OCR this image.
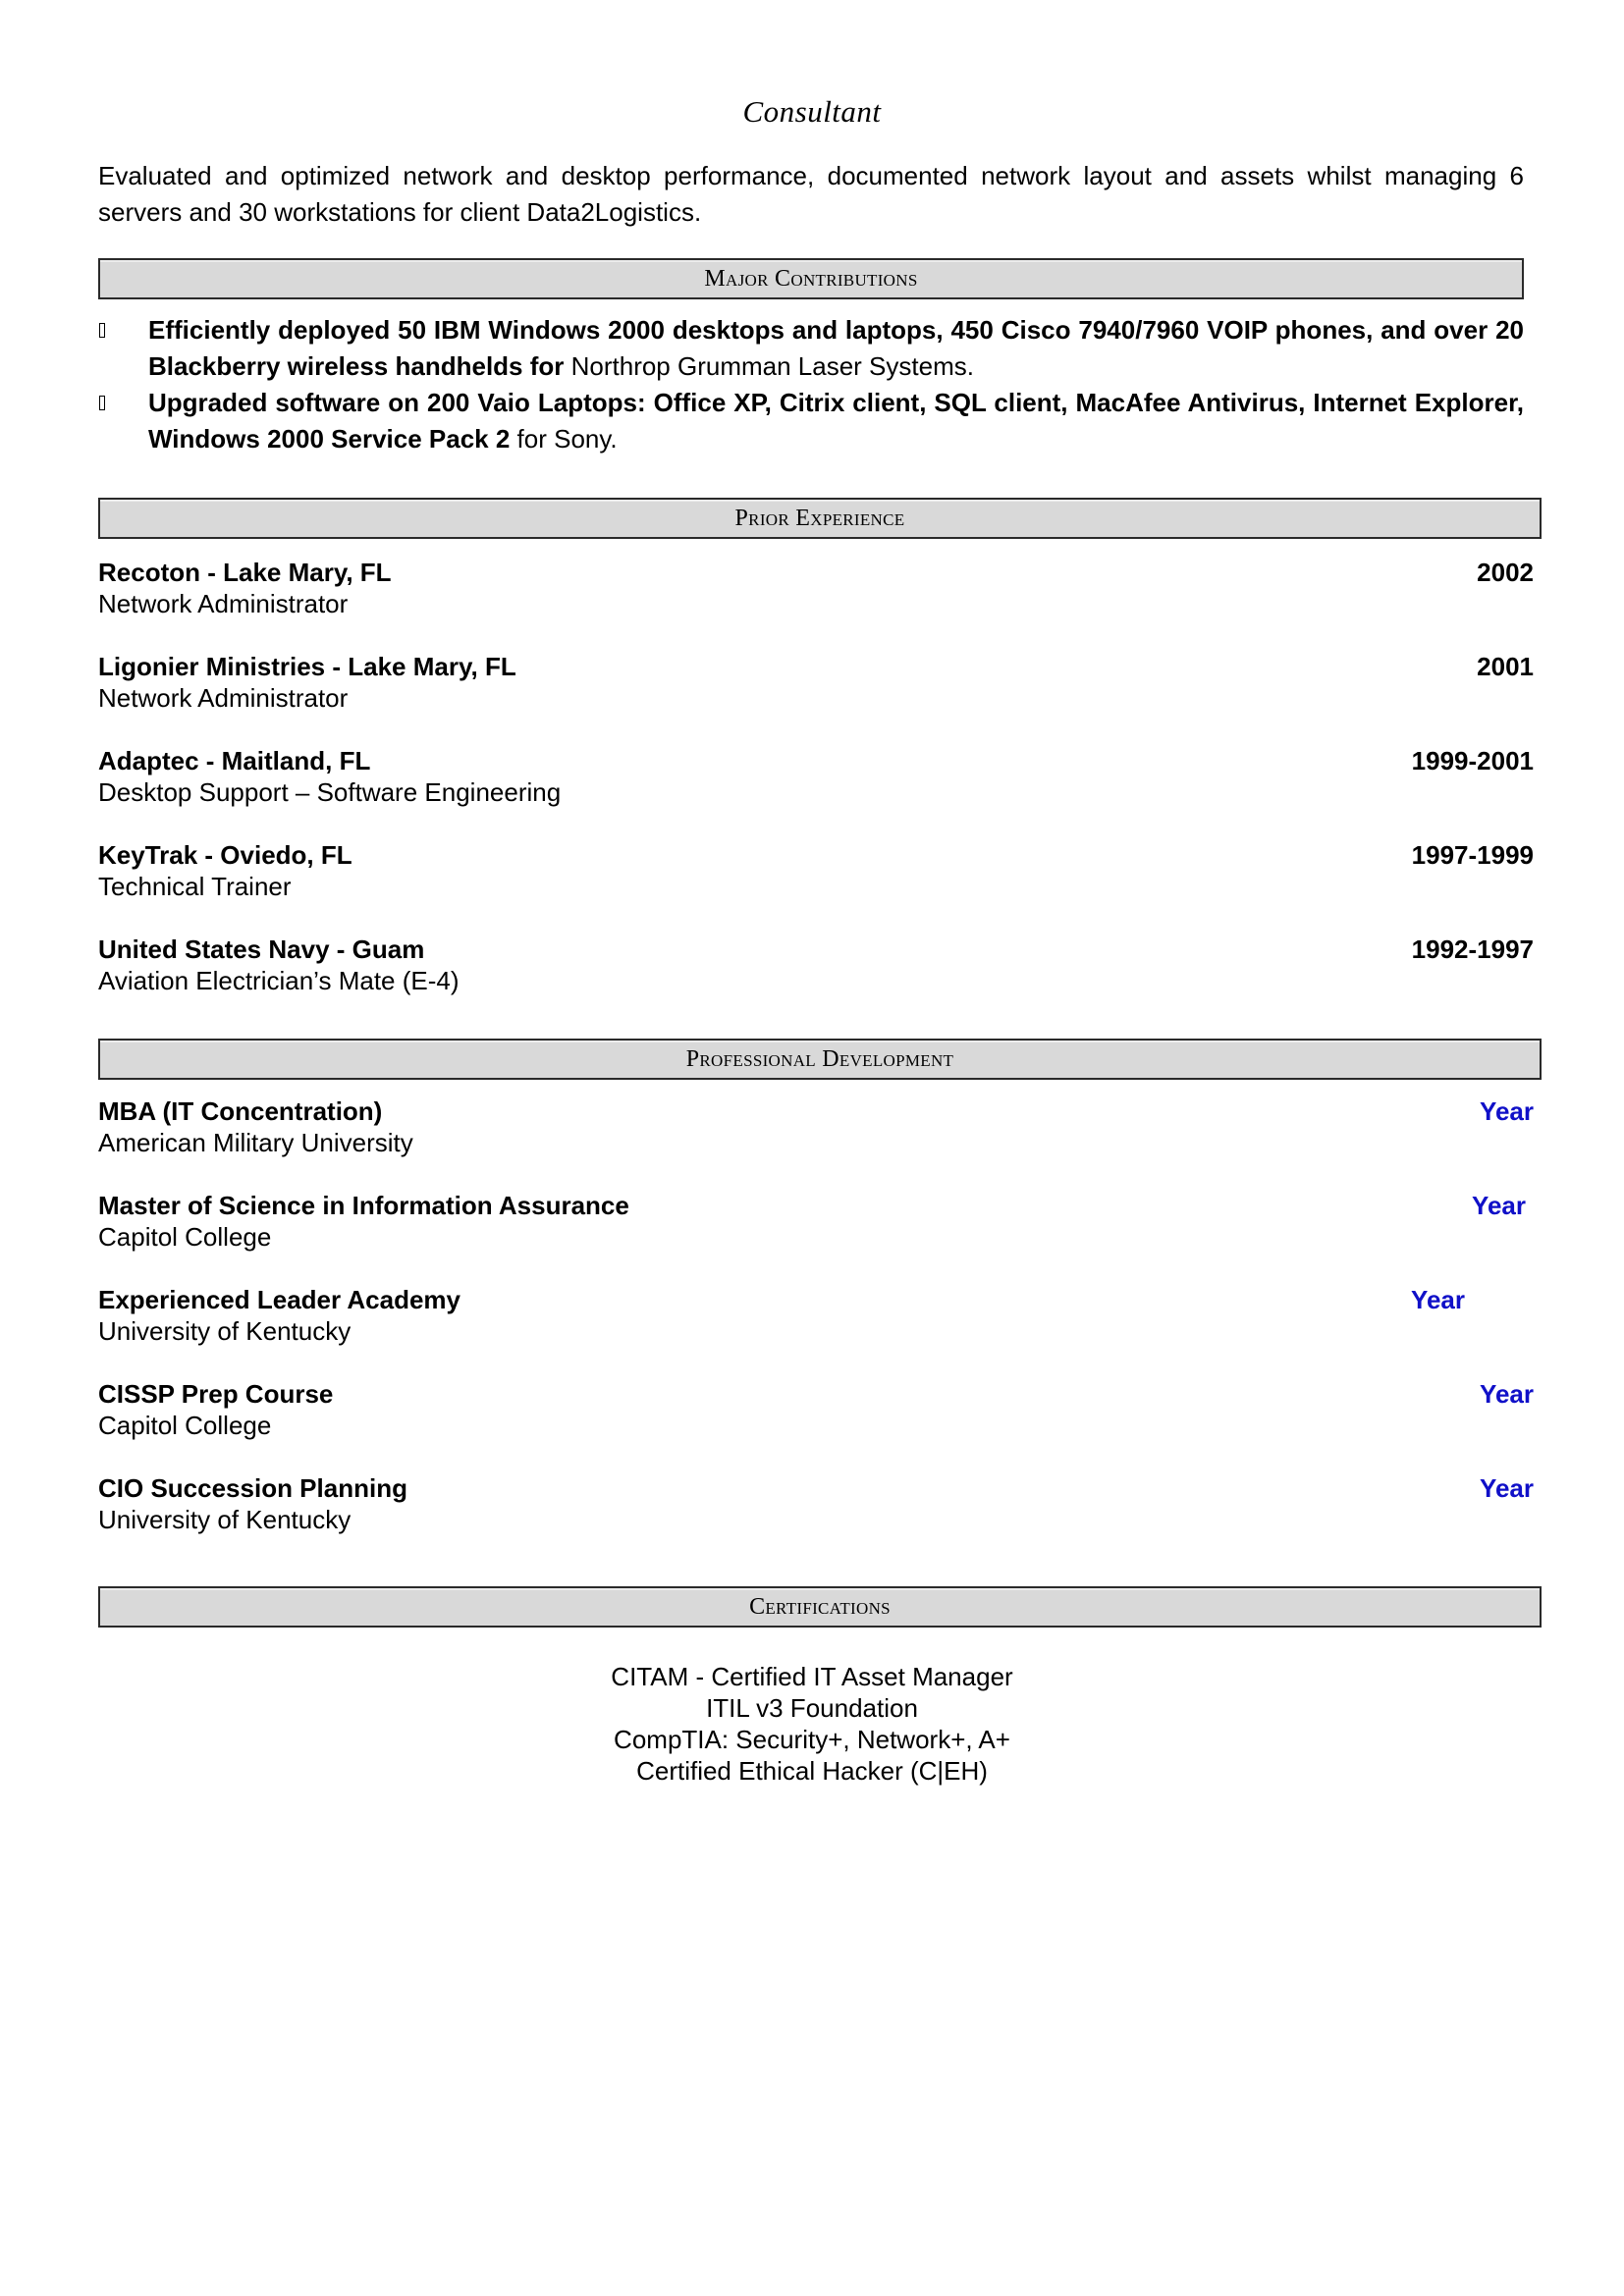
Consultant
Evaluated and optimized network and desktop performance, documented network layout and assets whilst managing 6 servers and 30 workstations for client Data2Logistics.
Major Contributions
Efficiently deployed 50 IBM Windows 2000 desktops and laptops, 450 Cisco 7940/7960 VOIP phones, and over 20 Blackberry wireless handhelds for Northrop Grumman Laser Systems.
Upgraded software on 200 Vaio Laptops: Office XP, Citrix client, SQL client, MacAfee Antivirus, Internet Explorer, Windows 2000 Service Pack 2 for Sony.
Prior Experience
Recoton - Lake Mary, FL
Network Administrator
2002
Ligonier Ministries - Lake Mary, FL
Network Administrator
2001
Adaptec - Maitland, FL
Desktop Support – Software Engineering
1999-2001
KeyTrak - Oviedo, FL
Technical Trainer
1997-1999
United States Navy - Guam
Aviation Electrician’s Mate (E-4)
1992-1997
Professional Development
MBA (IT Concentration)
American Military University
Year
Master of Science in Information Assurance
Capitol College
Year
Experienced Leader Academy
University of Kentucky
Year
CISSP Prep Course
Capitol College
Year
CIO Succession Planning
University of Kentucky
Year
Certifications
CITAM - Certified IT Asset Manager
ITIL v3 Foundation
CompTIA: Security+, Network+, A+
Certified Ethical Hacker (C|EH)
